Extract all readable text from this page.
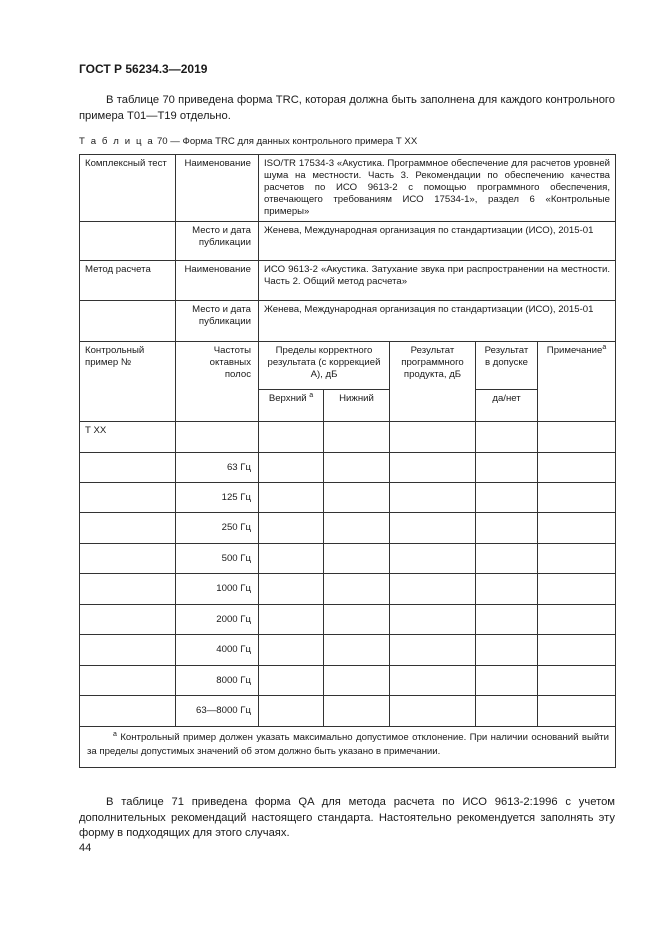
ГОСТ Р 56234.3—2019
В таблице 70 приведена форма TRC, которая должна быть заполнена для каждого контрольного примера T01—T19 отдельно.
Т а б л и ц а 70 — Форма TRC для данных контрольного примера Т ХХ
Комплексный тест	Наименование	ISO/TR 17534-3 «Акустика. Программное обеспечение для расчетов уровней шума на местности. Часть 3. Рекомендации по обеспечению качества расчетов по ИСО 9613-2 с помощью программного обеспечения, отвечающего требованиям ИСО 17534-1», раздел 6 «Контрольные примеры»				
	Место и дата публикации	Женева, Международная организация по стандартизации (ИСО), 2015-01				
Метод расчета	Наименование	ИСО 9613-2 «Акустика. Затухание звука при распространении на местности. Часть 2. Общий метод расчета»				
	Место и дата публикации	Женева, Международная организация по стандартизации (ИСО), 2015-01				
Контрольный пример №	Частоты октавных полос	Пределы корректного результата (с коррекцией А), дБ		Результат программного продукта, дБ	Результат в допуске	Примечание$^а$
		Верхний $^а$	Нижний		да/нет	
Т ХХ						
	63 Гц					
	125 Гц					
	250 Гц					
	500 Гц					
	1000 Гц					
	2000 Гц					
	4000 Гц					
	8000 Гц					
	63—8000 Гц					
$^а$ Контрольный пример должен указать максимально допустимое отклонение. При наличии оснований выйти за пределы допустимых значений об этом должно быть указано в примечании.						
В таблице 71 приведена форма QA для метода расчета по ИСО 9613-2:1996 с учетом дополнительных рекомендаций настоящего стандарта. Настоятельно рекомендуется заполнять эту форму в подходящих для этого случаях.
44
